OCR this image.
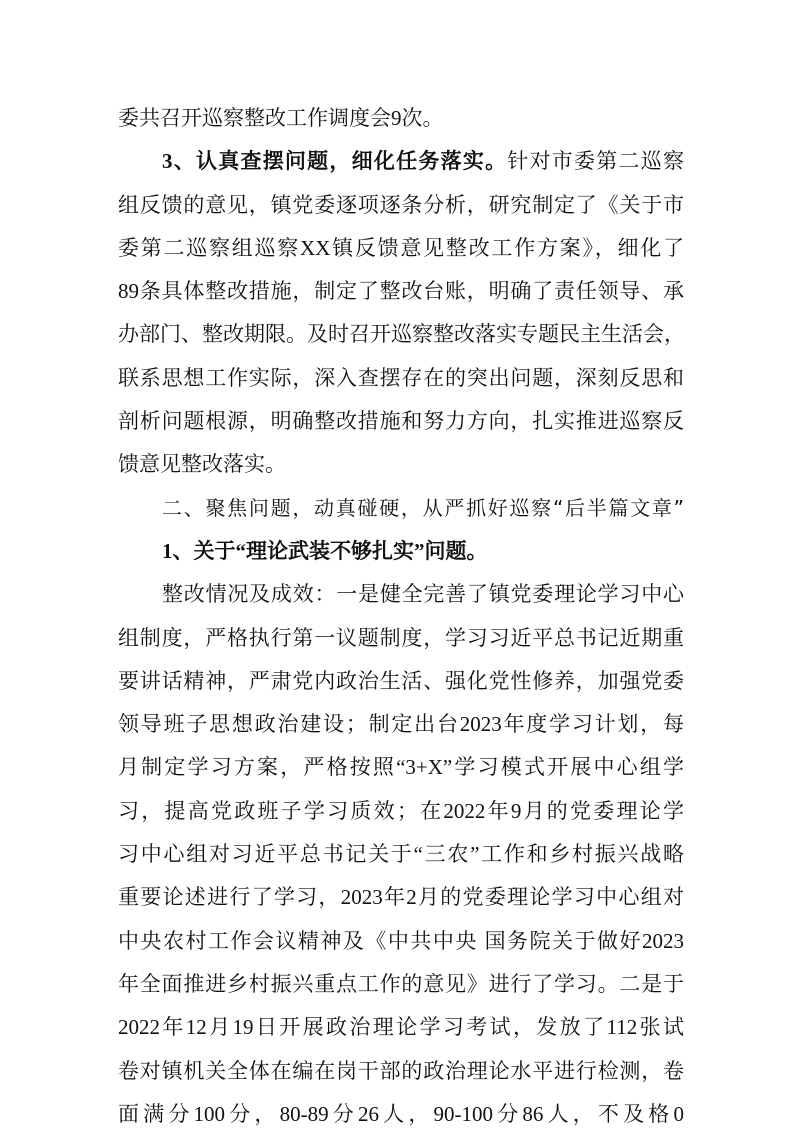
委共召开巡察整改工作调度会9次。
3、认真查摆问题，细化任务落实。针对市委第二巡察
组反馈的意见，镇党委逐项逐条分析，研究制定了《关于市
委第二巡察组巡察XX镇反馈意见整改工作方案》，细化了
89条具体整改措施，制定了整改台账，明确了责任领导、承
办部门、整改期限。及时召开巡察整改落实专题民主生活会，
联系思想工作实际，深入查摆存在的突出问题，深刻反思和
剖析问题根源，明确整改措施和努力方向，扎实推进巡察反
馈意见整改落实。
二、聚焦问题，动真碰硬，从严抓好巡察“后半篇文章”
1、关于“理论武装不够扎实”问题。
整改情况及成效：一是健全完善了镇党委理论学习中心
组制度，严格执行第一议题制度，学习习近平总书记近期重
要讲话精神，严肃党内政治生活、强化党性修养，加强党委
领导班子思想政治建设；制定出台2023年度学习计划，每
月制定学习方案，严格按照“3+X”学习模式开展中心组学
习，提高党政班子学习质效；在2022年9月的党委理论学
习中心组对习近平总书记关于“三农”工作和乡村振兴战略
重要论述进行了学习，2023年2月的党委理论学习中心组对
中央农村工作会议精神及《中共中央 国务院关于做好2023
年全面推进乡村振兴重点工作的意见》进行了学习。二是于
2022年12月19日开展政治理论学习考试，发放了112张试
卷对镇机关全体在编在岗干部的政治理论水平进行检测，卷
面满分100分，80-89分26人，90-100分86人，不及格0
